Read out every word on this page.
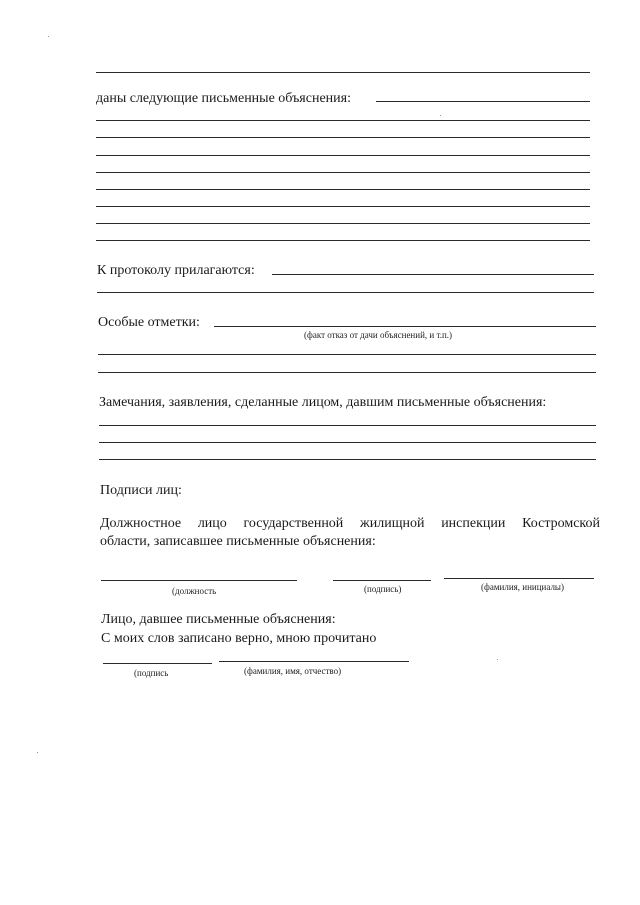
даны следующие письменные объяснения:
К протоколу прилагаются:
Особые отметки:
(факт отказ от дачи объяснений, и т.п.)
Замечания, заявления, сделанные лицом, давшим письменные объяснения:
Подписи лиц:
Должностное лицо государственной жилищной инспекции Костромской
области, записавшее письменные объяснения:
(должность	(подпись)	(фамилия, инициалы)
Лицо, давшее письменные объяснения:
С моих слов записано верно, мною прочитано
(подпись	(фамилия, имя, отчество)
